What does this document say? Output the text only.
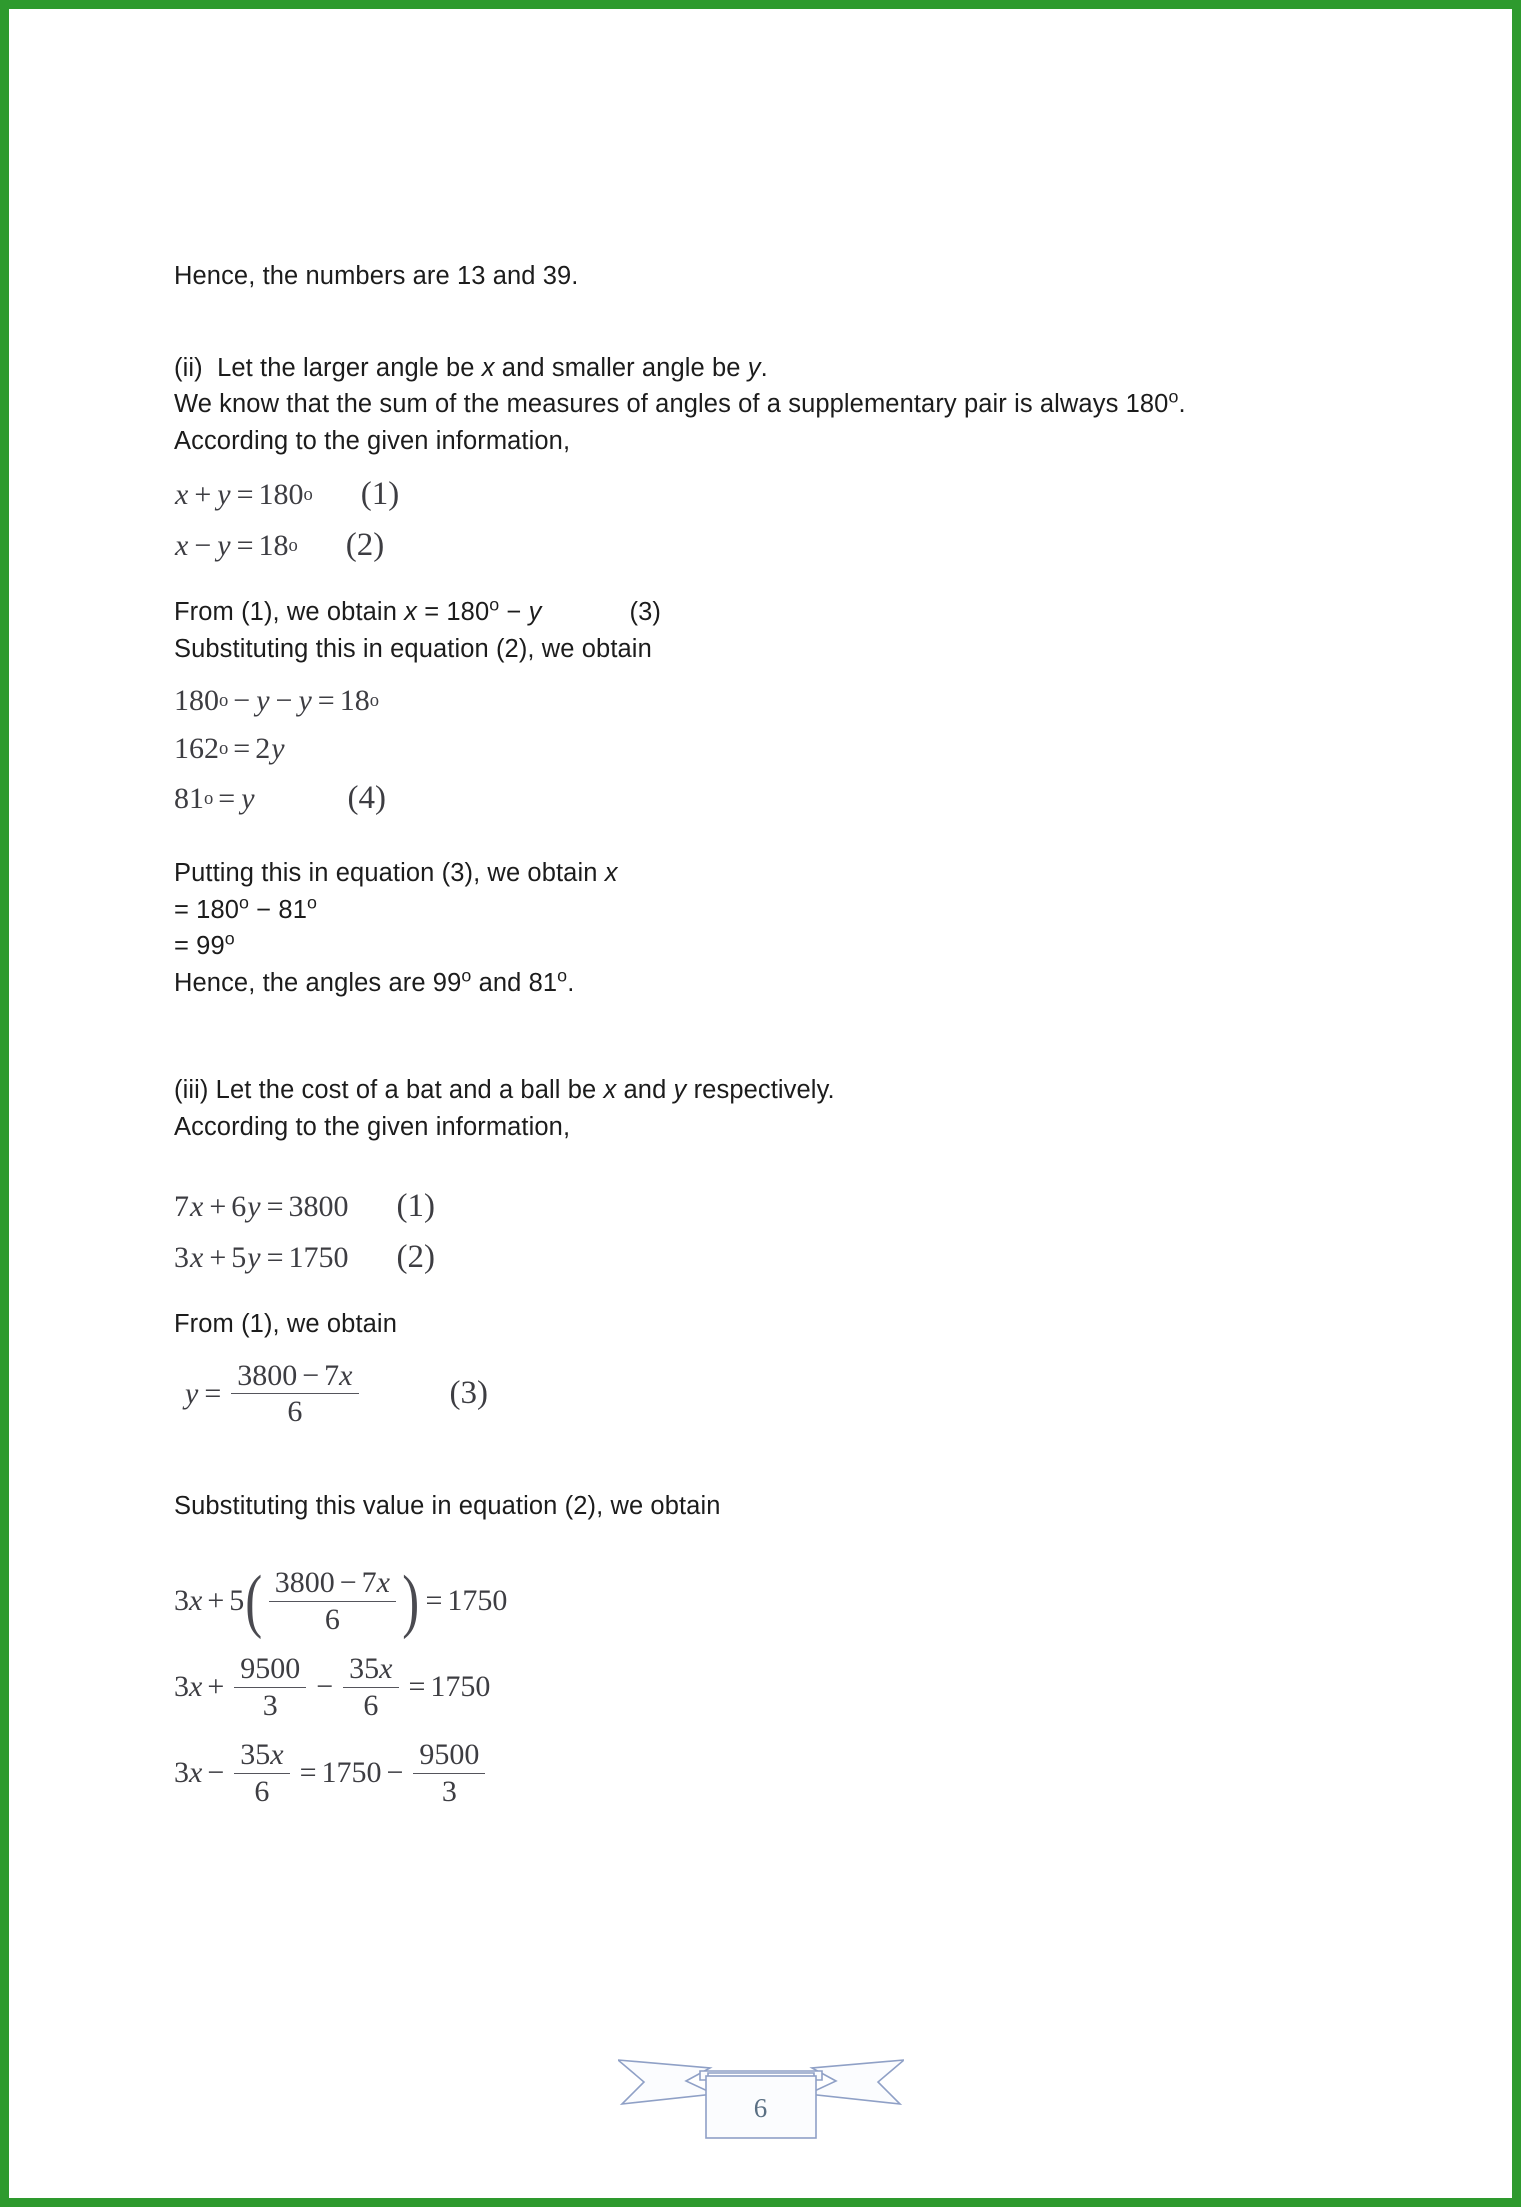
Hence, the numbers are 13 and 39.
(ii)  Let the larger angle be x and smaller angle be y.
We know that the sum of the measures of angles of a supplementary pair is always 180$^o$.
According to the given information,
x + y = 180 o (1)
x − y = 18 o (2)
From (1), we obtain $x = 180^o - y$	(3)
Substituting this in equation (2), we obtain
180 o − y − y = 18 o
162 o = 2 y
81 o = y	(4)
Putting this in equation (3), we obtain x
= $180^o - 81^o$
= $99^o$
Hence, the angles are 99$^o$ and 81$^o$.
(iii) Let the cost of a bat and a ball be x and y respectively.
According to the given information,
7 x + 6 y = 3800 (1)
3 x + 5 y = 1750 (2)
From (1), we obtain
$y = \frac{3800 - 7x}{6}$	(3)
Substituting this value in equation (2), we obtain
3 x + 5 ( $\frac{3800 - 7x}{6}$ ) = 1750
3 $x + \frac{9500}{3} - \frac{35x}{6} = 1750$
3 $x - \frac{35x}{6} = 1750 - \frac{9500}{3}$
6
